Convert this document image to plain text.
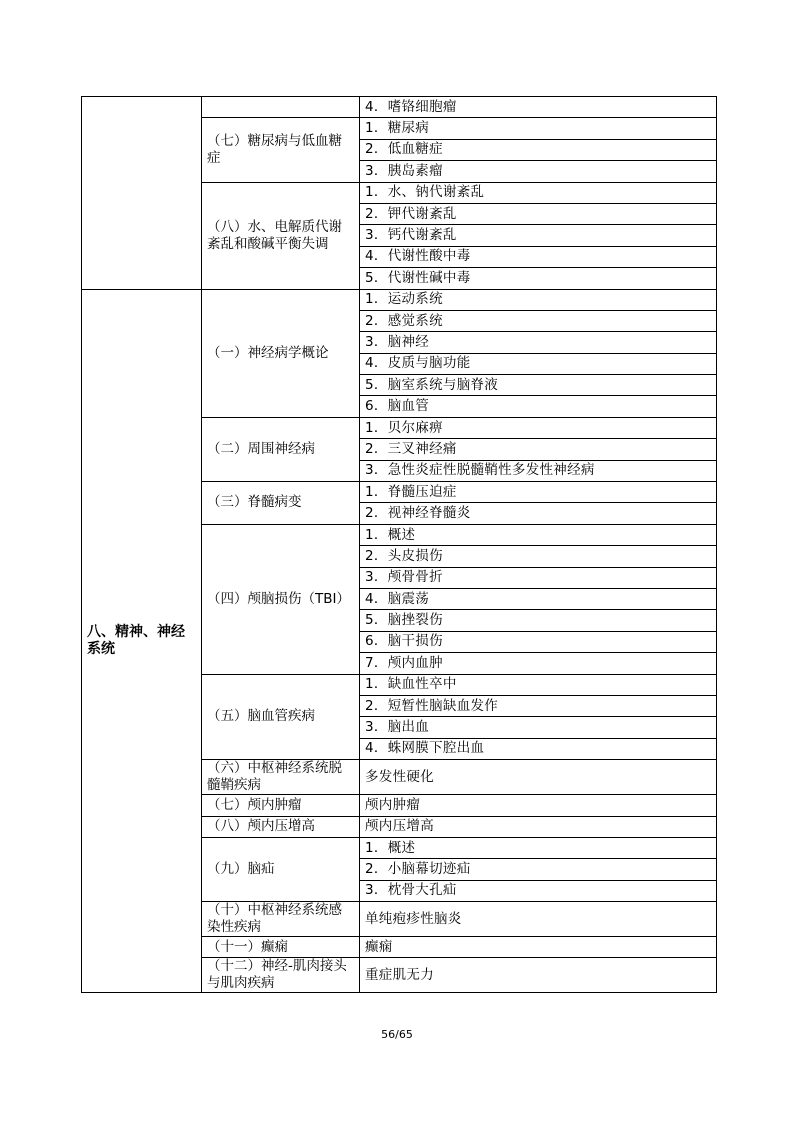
		4．嗜铬细胞瘤
	（七）糖尿病与低血糖症	1．糖尿病
		2．低血糖症
		3．胰岛素瘤
	（八）水、电解质代谢紊乱和酸碱平衡失调	1．水、钠代谢紊乱
		2．钾代谢紊乱
		3．钙代谢紊乱
		4．代谢性酸中毒
		5．代谢性碱中毒
八、精神、神经系统	（一）神经病学概论	1．运动系统
		2．感觉系统
		3．脑神经
		4．皮质与脑功能
		5．脑室系统与脑脊液
		6．脑血管
	（二）周围神经病	1．贝尔麻痹
		2．三叉神经痛
		3．急性炎症性脱髓鞘性多发性神经病
	（三）脊髓病变	1．脊髓压迫症
		2．视神经脊髓炎
	（四）颅脑损伤（TBI）	1．概述
		2．头皮损伤
		3．颅骨骨折
		4．脑震荡
		5．脑挫裂伤
		6．脑干损伤
		7．颅内血肿
	（五）脑血管疾病	1．缺血性卒中
		2．短暂性脑缺血发作
		3．脑出血
		4．蛛网膜下腔出血
	（六）中枢神经系统脱髓鞘疾病	多发性硬化
	（七）颅内肿瘤	颅内肿瘤
	（八）颅内压增高	颅内压增高
	（九）脑疝	1．概述
		2．小脑幕切迹疝
		3．枕骨大孔疝
	（十）中枢神经系统感染性疾病	单纯疱疹性脑炎
	（十一）癫痫	癫痫
	（十二）神经-肌肉接头与肌肉疾病	重症肌无力
56/65
